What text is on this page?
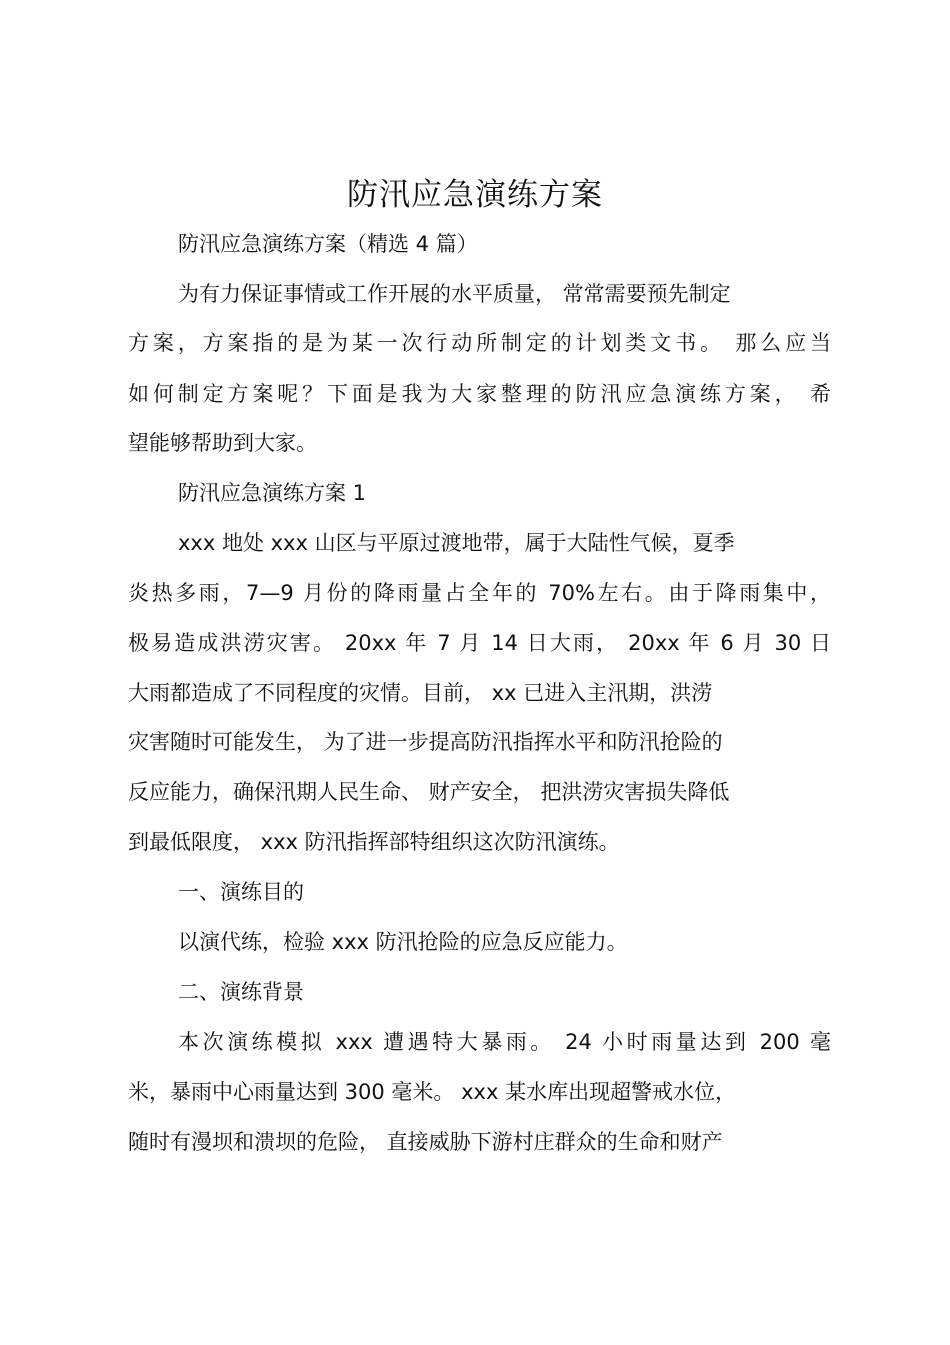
防汛应急演练方案
防汛应急演练方案（精选 4 篇）
为有力保证事情或工作开展的水平质量， 常常需要预先制定
方案，方案指的是为某一次行动所制定的计划类文书。 那么应当
如何制定方案呢？下面是我为大家整理的防汛应急演练方案， 希
望能够帮助到大家。
防汛应急演练方案 1
xxx 地处 xxx 山区与平原过渡地带，属于大陆性气候，夏季
炎热多雨，7—9 月份的降雨量占全年的 70%左右。由于降雨集中，
极易造成洪涝灾害。 20xx 年 7 月 14 日大雨， 20xx 年 6 月 30 日
大雨都造成了不同程度的灾情。目前， xx 已进入主汛期，洪涝
灾害随时可能发生， 为了进一步提高防汛指挥水平和防汛抢险的
反应能力，确保汛期人民生命、 财产安全， 把洪涝灾害损失降低
到最低限度， xxx 防汛指挥部特组织这次防汛演练。
一、演练目的
以演代练，检验 xxx 防汛抢险的应急反应能力。
二、演练背景
本次演练模拟 xxx 遭遇特大暴雨。 24 小时雨量达到 200 毫
米，暴雨中心雨量达到 300 毫米。 xxx 某水库出现超警戒水位，
随时有漫坝和溃坝的危险， 直接威胁下游村庄群众的生命和财产
